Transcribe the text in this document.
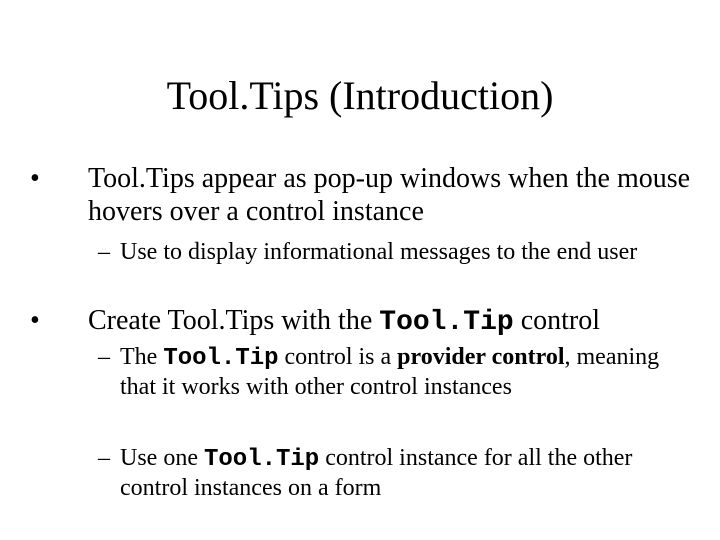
Tool.Tips (Introduction)
• Tool.Tips appear as pop-up windows when the mouse hovers over a control instance
– Use to display informational messages to the end user
• Create Tool.Tips with the Tool.Tip control
– The Tool.Tip control is a provider control, meaning that it works with other control instances
– Use one Tool.Tip control instance for all the other control instances on a form
